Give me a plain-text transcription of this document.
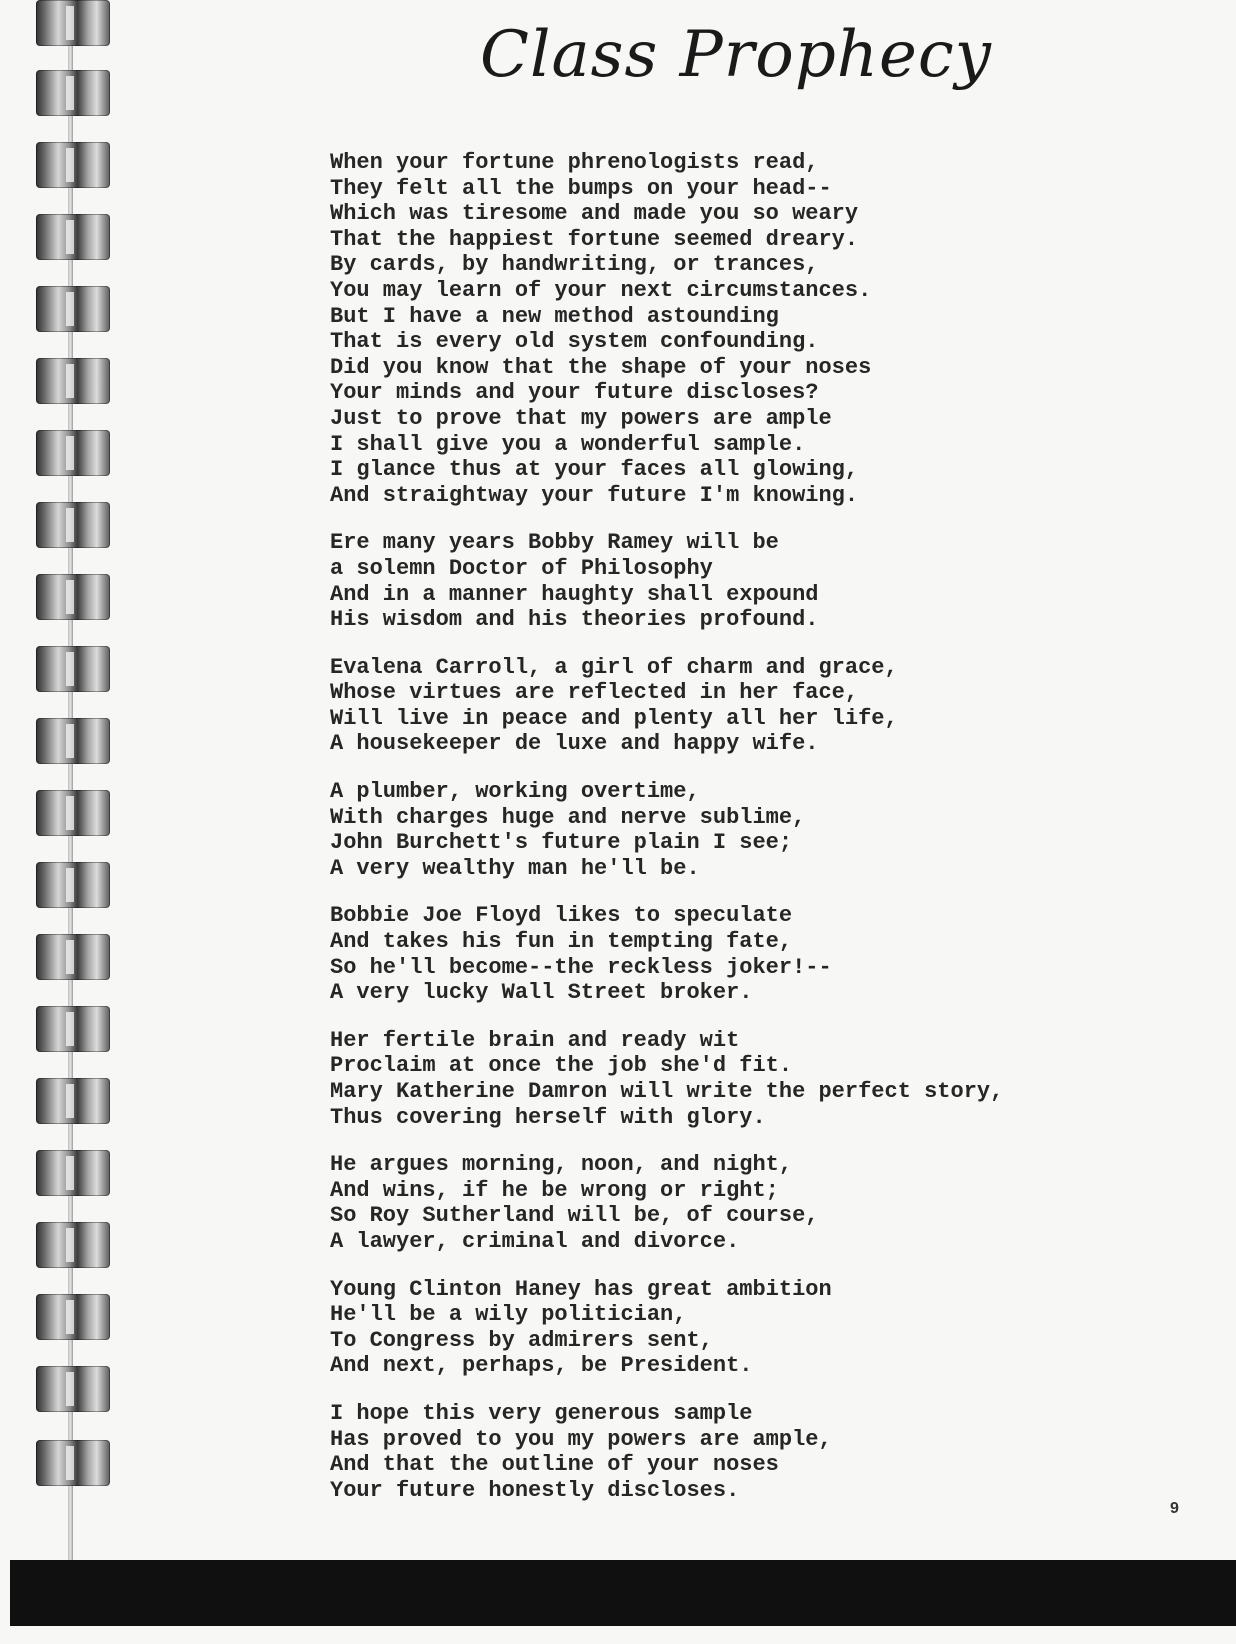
Class Prophecy

When your fortune phrenologists read,
They felt all the bumps on your head--
Which was tiresome and made you so weary
That the happiest fortune seemed dreary.
By cards, by handwriting, or trances,
You may learn of your next circumstances.
But I have a new method astounding
That is every old system confounding.
Did you know that the shape of your noses
Your minds and your future discloses?
Just to prove that my powers are ample
I shall give you a wonderful sample.
I glance thus at your faces all glowing,
And straightway your future I'm knowing.

Ere many years Bobby Ramey will be
a solemn Doctor of Philosophy
And in a manner haughty shall expound
His wisdom and his theories profound.

Evalena Carroll, a girl of charm and grace,
Whose virtues are reflected in her face,
Will live in peace and plenty all her life,
A housekeeper de luxe and happy wife.

A plumber, working overtime,
With charges huge and nerve sublime,
John Burchett's future plain I see;
A very wealthy man he'll be.

Bobbie Joe Floyd likes to speculate
And takes his fun in tempting fate,
So he'll become--the reckless joker!--
A very lucky Wall Street broker.

Her fertile brain and ready wit
Proclaim at once the job she'd fit.
Mary Katherine Damron will write the perfect story,
Thus covering herself with glory.

He argues morning, noon, and night,
And wins, if he be wrong or right;
So Roy Sutherland will be, of course,
A lawyer, criminal and divorce.

Young Clinton Haney has great ambition
He'll be a wily politician,
To Congress by admirers sent,
And next, perhaps, be President.

I hope this very generous sample
Has proved to you my powers are ample,
And that the outline of your noses
Your future honestly discloses.

9
